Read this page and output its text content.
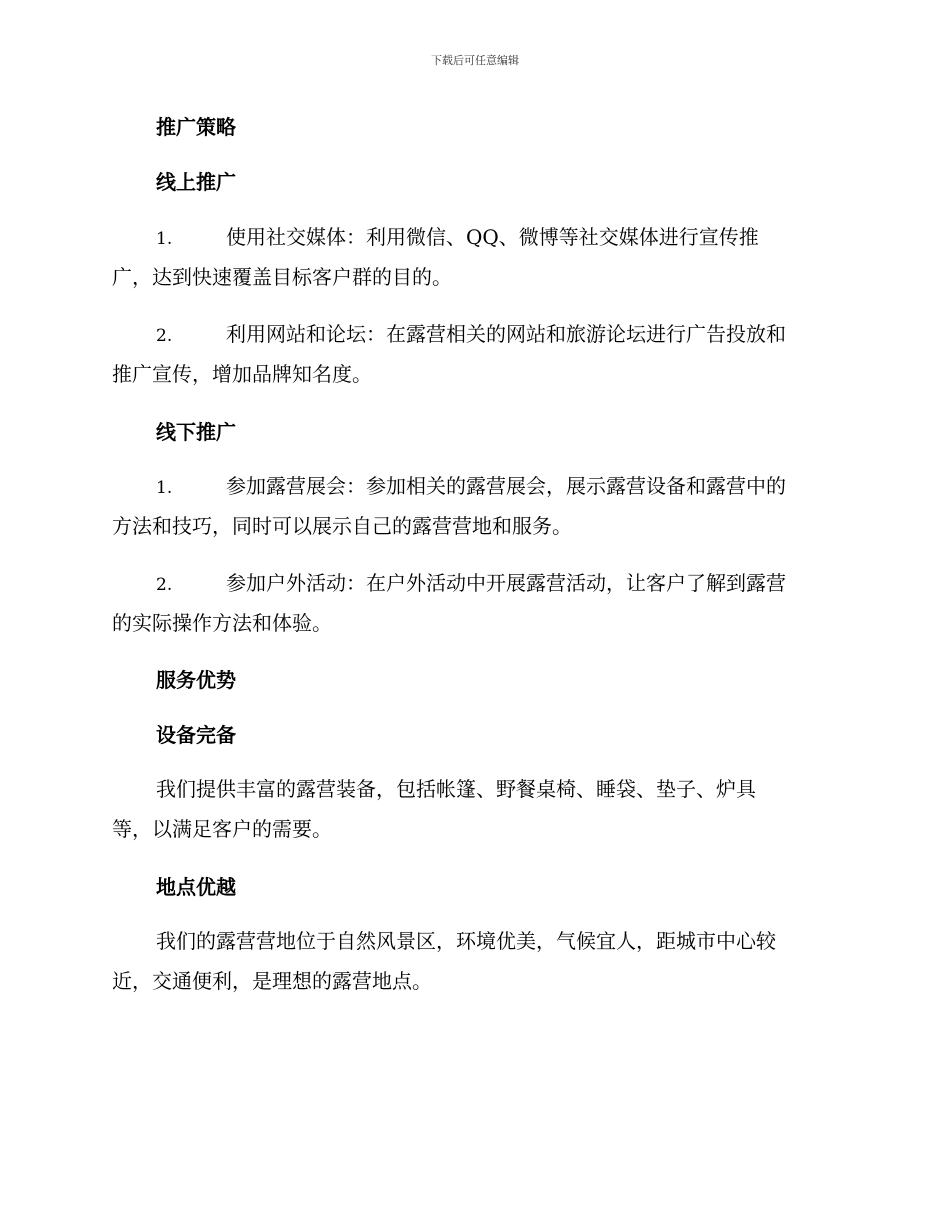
下载后可任意编辑
推广策略
线上推广
1.	使用社交媒体：利用微信、QQ、微博等社交媒体进行宣传推
广，达到快速覆盖目标客户群的目的。
2.	利用网站和论坛：在露营相关的网站和旅游论坛进行广告投放和
推广宣传，增加品牌知名度。
线下推广
1.	参加露营展会：参加相关的露营展会，展示露营设备和露营中的
方法和技巧，同时可以展示自己的露营营地和服务。
2.	参加户外活动：在户外活动中开展露营活动，让客户了解到露营
的实际操作方法和体验。
服务优势
设备完备
我们提供丰富的露营装备，包括帐篷、野餐桌椅、睡袋、垫子、炉具
等，以满足客户的需要。
地点优越
我们的露营营地位于自然风景区，环境优美，气候宜人，距城市中心较
近，交通便利，是理想的露营地点。
